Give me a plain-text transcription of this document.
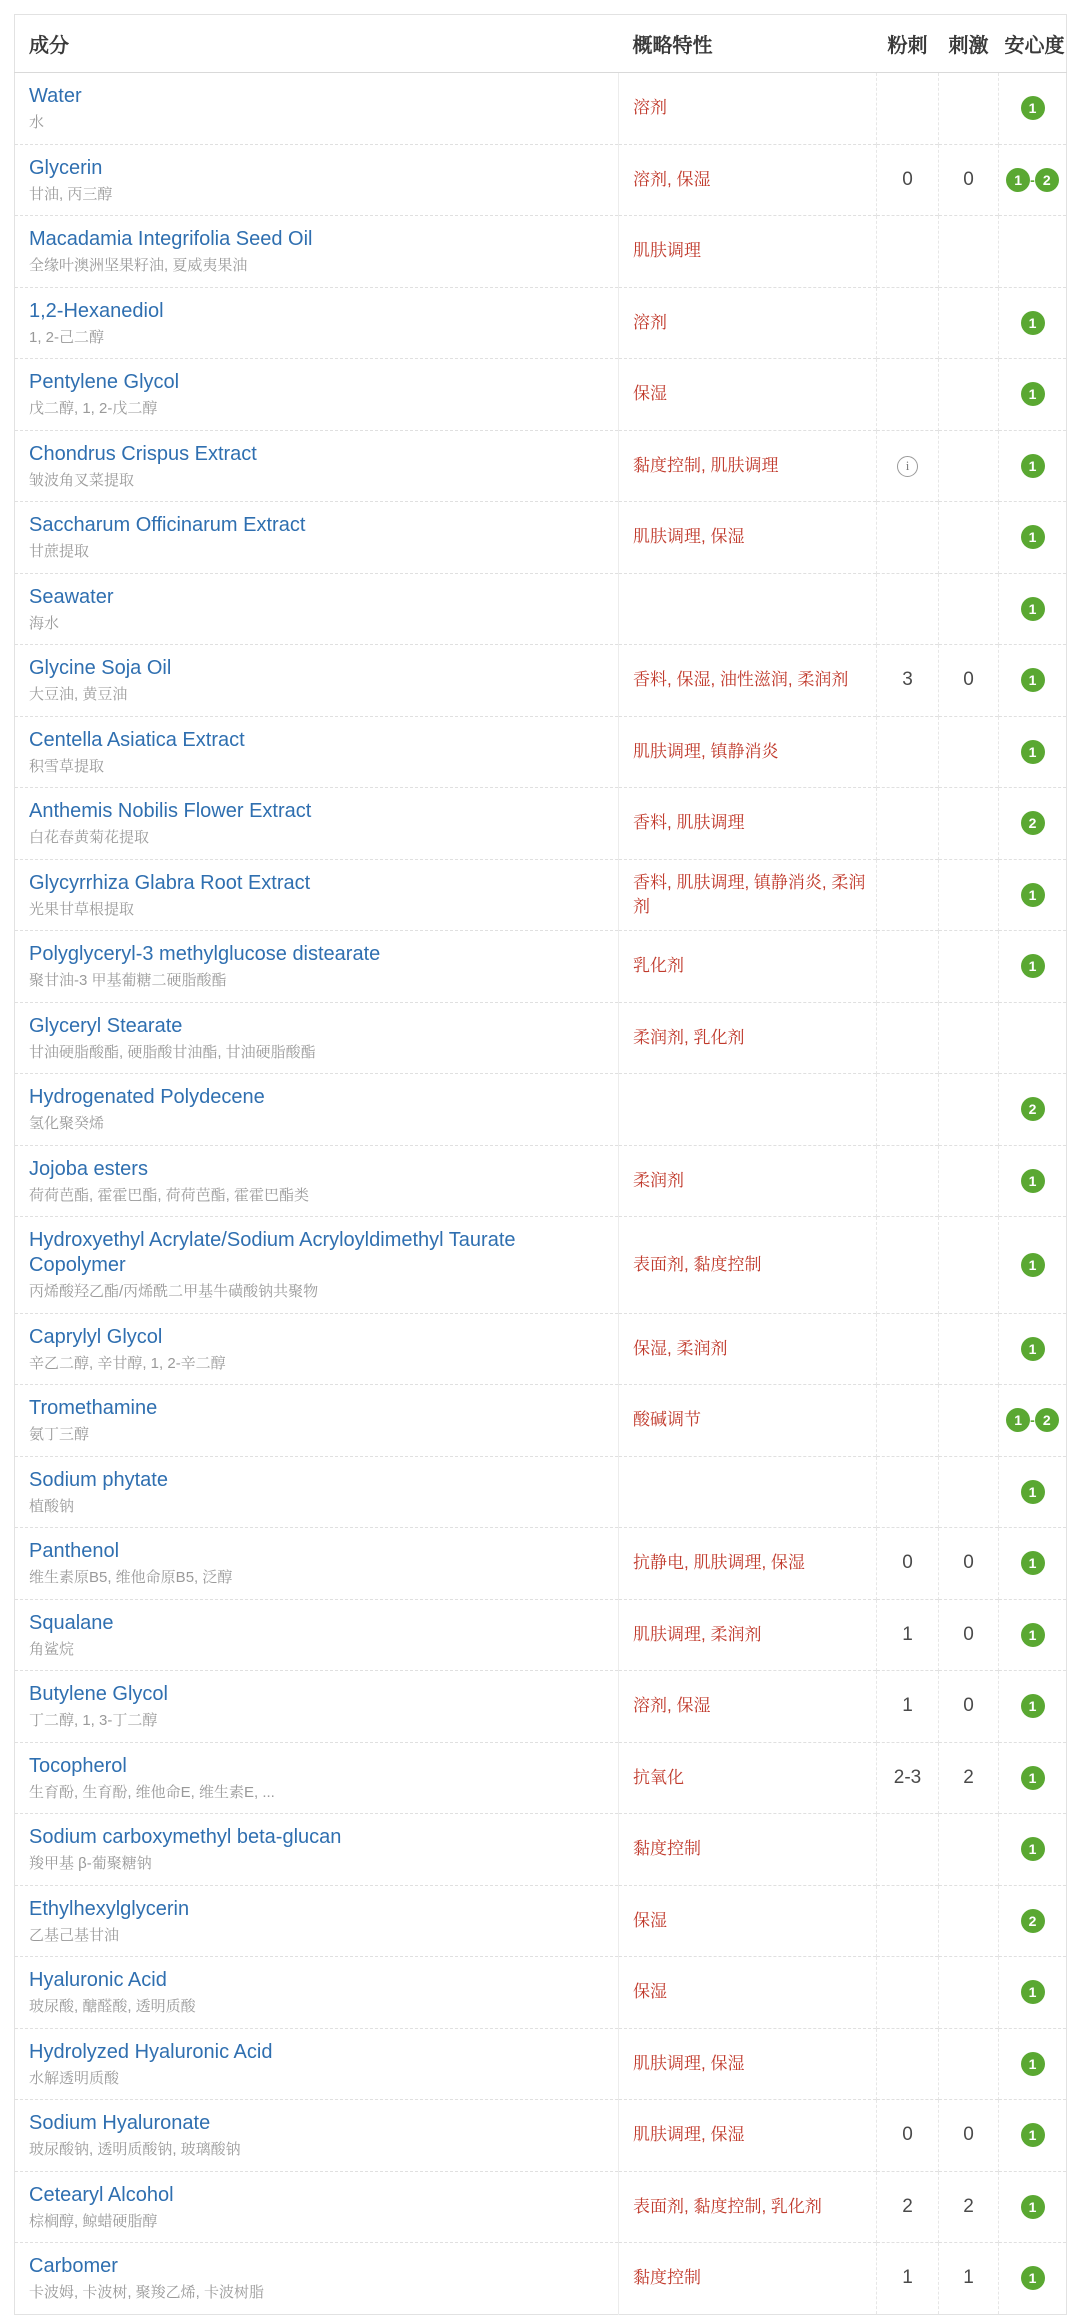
成分	概略特性	粉刺	刺激	安心度

Water
水	溶剂			1

Glycerin
甘油, 丙三醇	溶剂, 保湿	0	0	1 - 2

Macadamia Integrifolia Seed Oil
全缘叶澳洲坚果籽油, 夏威夷果油	肌肤调理			

1,2-Hexanediol
1, 2-己二醇	溶剂			1

Pentylene Glycol
戊二醇, 1, 2-戊二醇	保湿			1

Chondrus Crispus Extract
皱波角叉菜提取	黏度控制, 肌肤调理	i		1

Saccharum Officinarum Extract
甘蔗提取	肌肤调理, 保湿			1

Seawater
海水				1

Glycine Soja Oil
大豆油, 黄豆油	香料, 保湿, 油性滋润, 柔润剂	3	0	1

Centella Asiatica Extract
积雪草提取	肌肤调理, 镇静消炎			1

Anthemis Nobilis Flower Extract
白花春黄菊花提取	香料, 肌肤调理			2

Glycyrrhiza Glabra Root Extract
光果甘草根提取	香料, 肌肤调理, 镇静消炎, 柔润剂			1

Polyglyceryl-3 methylglucose distearate
聚甘油-3 甲基葡糖二硬脂酸酯	乳化剂			1

Glyceryl Stearate
甘油硬脂酸酯, 硬脂酸甘油酯, 甘油硬脂酸酯	柔润剂, 乳化剂			

Hydrogenated Polydecene
氢化聚癸烯				2

Jojoba esters
荷荷芭酯, 霍霍巴酯, 荷荷芭酯, 霍霍巴酯类	柔润剂			1

Hydroxyethyl Acrylate/Sodium Acryloyldimethyl Taurate Copolymer
丙烯酸羟乙酯/丙烯酰二甲基牛磺酸钠共聚物	表面剂, 黏度控制			1

Caprylyl Glycol
辛乙二醇, 辛甘醇, 1, 2-辛二醇	保湿, 柔润剂			1

Tromethamine
氨丁三醇	酸碱调节			1 - 2

Sodium phytate
植酸钠				1

Panthenol
维生素原B5, 维他命原B5, 泛醇	抗静电, 肌肤调理, 保湿	0	0	1

Squalane
角鲨烷	肌肤调理, 柔润剂	1	0	1

Butylene Glycol
丁二醇, 1, 3-丁二醇	溶剂, 保湿	1	0	1

Tocopherol
生育酚, 生育酚, 维他命E, 维生素E, ...	抗氧化	2-3	2	1

Sodium carboxymethyl beta-glucan
羧甲基 β-葡聚糖钠	黏度控制			1

Ethylhexylglycerin
乙基己基甘油	保湿			2

Hyaluronic Acid
玻尿酸, 醣醛酸, 透明质酸	保湿			1

Hydrolyzed Hyaluronic Acid
水解透明质酸	肌肤调理, 保湿			1

Sodium Hyaluronate
玻尿酸钠, 透明质酸钠, 玻璃酸钠	肌肤调理, 保湿	0	0	1

Cetearyl Alcohol
棕榈醇, 鲸蜡硬脂醇	表面剂, 黏度控制, 乳化剂	2	2	1

Carbomer
卡波姆, 卡波树, 聚羧乙烯, 卡波树脂	黏度控制	1	1	1
